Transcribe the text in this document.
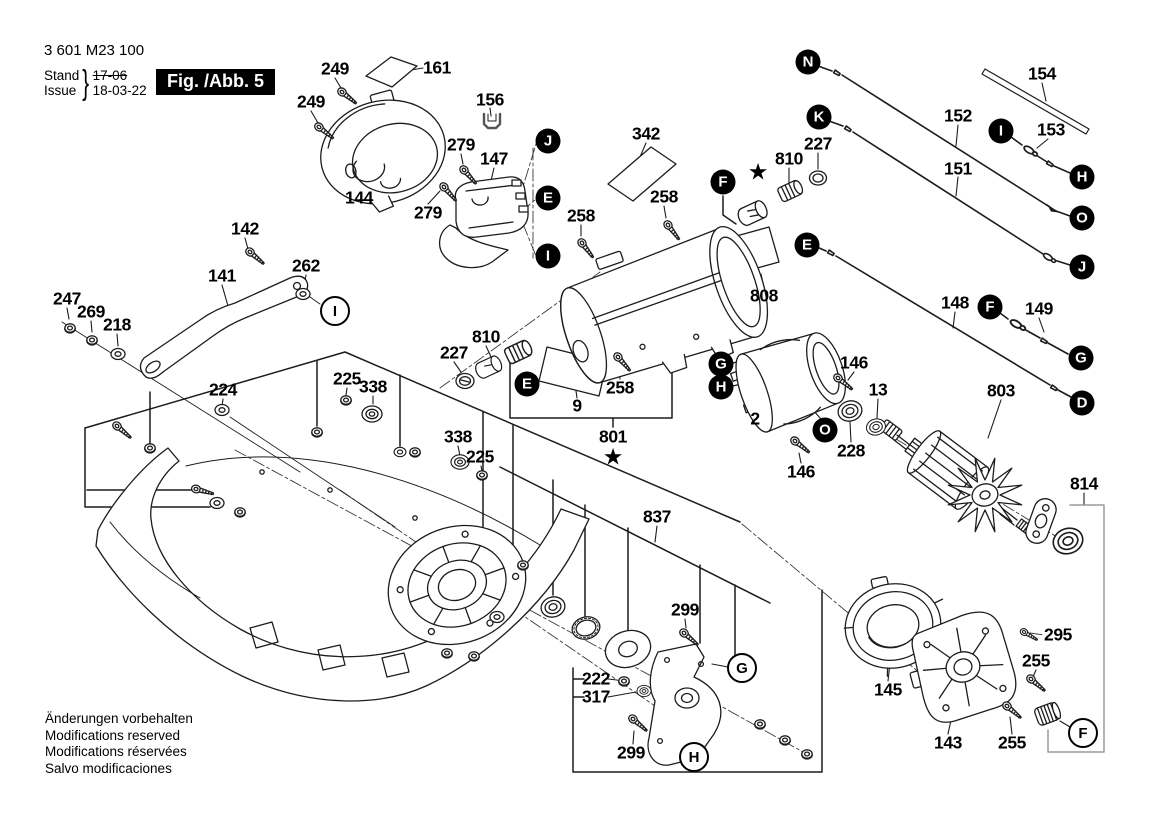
249	161
249	156
279
147
342
810
227
152
154
153
151
142
144
279	258
258
808
141	262
247
269
218
148	149
227
810
9
258
146
13
2
803
224
225
338
338
225	228
146
801
814
837
299
295
255
145
222
317
299	143 255
J
E
I
F
N
K
I
H
O
J
E
F
G
D
E
G
H
O
I
G
H
F
★
★
3 601 M23 100
Stand
Issue } 17-06
18-03-22	Fig. /Abb. 5
Änderungen vorbehalten
Modifications reserved
Modifications réservées
Salvo modificaciones
